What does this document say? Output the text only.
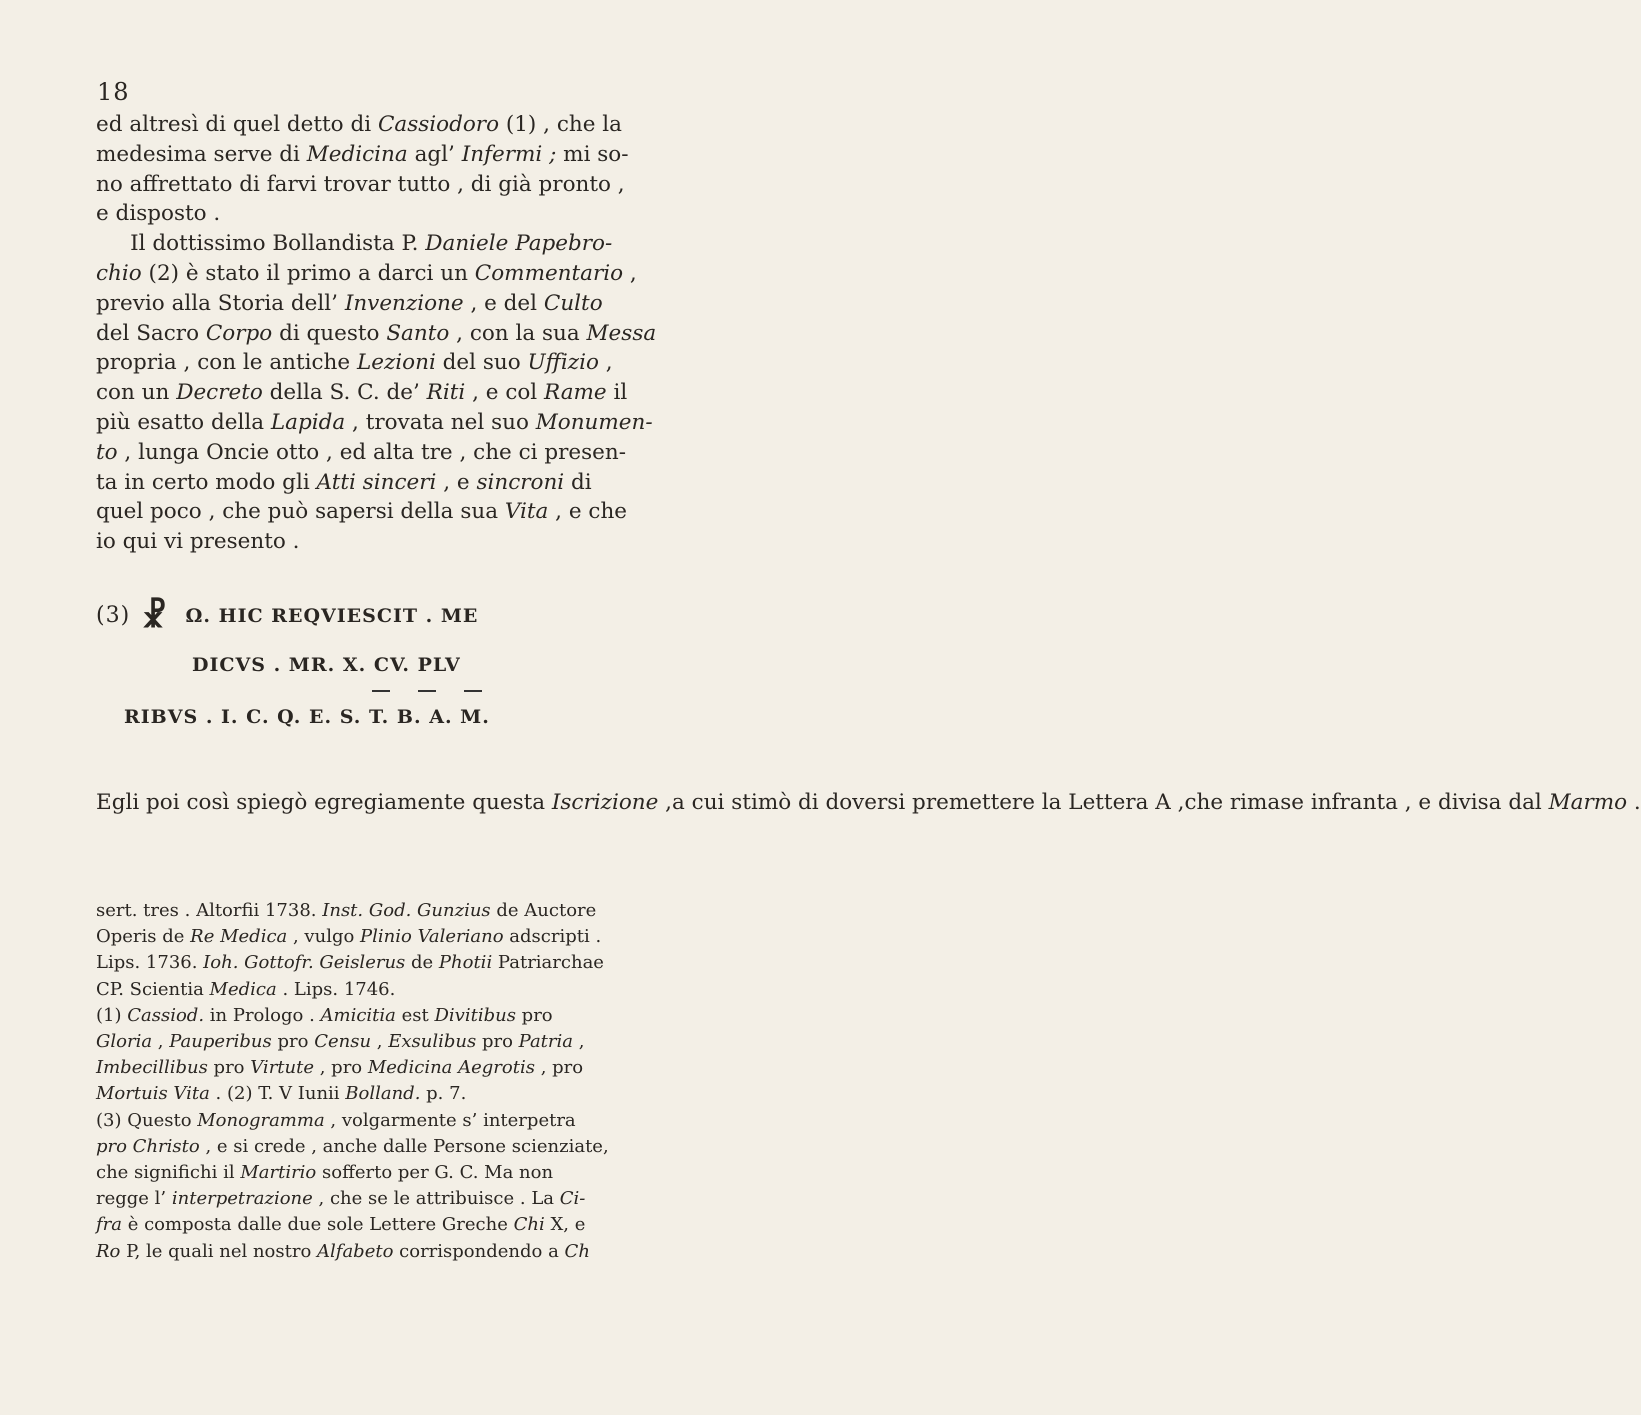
18
ed altresì di quel detto di Cassiodoro (1) , che la
medesima serve di Medicina agl’ Infermi ; mi so-
no affrettato di farvi trovar tutto , di già pronto ,
e disposto .
Il dottissimo Bollandista P. Daniele Papebro-
chio (2) è stato il primo a darci un Commentario ,
previo alla Storia dell’ Invenzione , e del Culto
del Sacro Corpo di questo Santo , con la sua Messa
propria , con le antiche Lezioni del suo Uffizio ,
con un Decreto della S. C. de’ Riti , e col Rame il
più esatto della Lapida , trovata nel suo Monumen-
to , lunga Oncie otto , ed alta tre , che ci presen-
ta in certo modo gli Atti sinceri , e sincroni di
quel poco , che può sapersi della sua Vita , e che
io qui vi presento .
(3) ☧ Ω. HIC REQVIESCIT . ME
DICVS . MR. X. CV. PLV
RIBVS . I. C. Q. E. S. T. B. A. M.
Egli poi così spiegò egregiamente questa Iscrizione ,a cui stimò di doversi premettere la Lettera A ,che rimase infranta , e divisa dal Marmo .
sert. tres . Altorfii 1738. Inst. God. Gunzius de Auctore
Operis de Re Medica , vulgo Plinio Valeriano adscripti .
Lips. 1736. Ioh. Gottofr. Geislerus de Photii Patriarchae
CP. Scientia Medica . Lips. 1746.
(1) Cassiod. in Prologo . Amicitia est Divitibus pro
Gloria , Pauperibus pro Censu , Exsulibus pro Patria ,
Imbecillibus pro Virtute , pro Medicina Aegrotis , pro
Mortuis Vita . (2) T. V Iunii Bolland. p. 7.
(3) Questo Monogramma , volgarmente s’ interpetra
pro Christo , e si crede , anche dalle Persone scienziate,
che significhi il Martirio sofferto per G. C. Ma non
regge l’ interpetrazione , che se le attribuisce . La Ci-
fra è composta dalle due sole Lettere Greche Chi X, e
Ro P, le quali nel nostro Alfabeto corrispondendo a Ch
